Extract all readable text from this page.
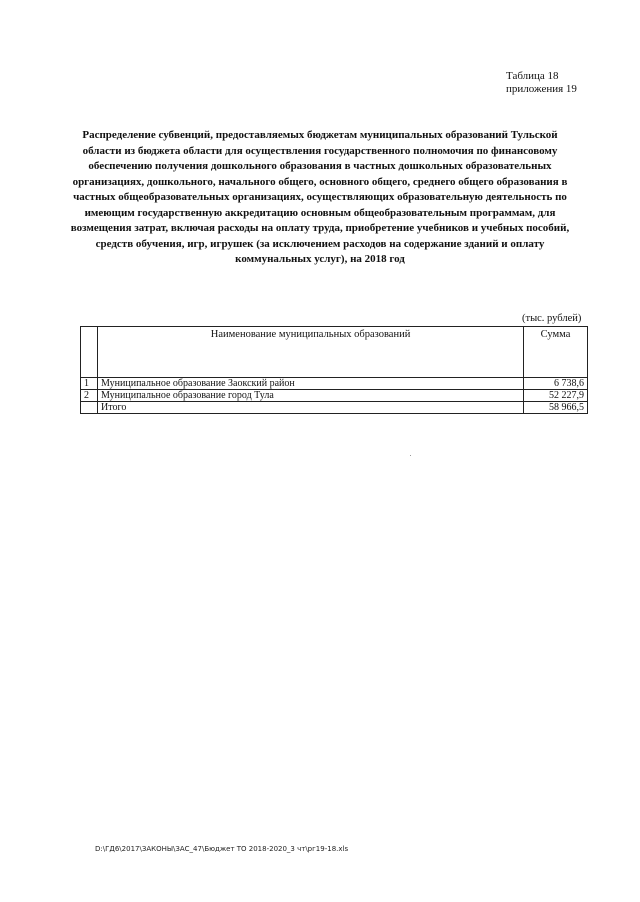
Таблица 18
приложения 19
Распределение субвенций, предоставляемых бюджетам муниципальных образований Тульской области из бюджета области для осуществления государственного полномочия по финансовому обеспечению получения дошкольного образования в частных дошкольных образовательных организациях, дошкольного, начального общего, основного общего, среднего общего образования в частных общеобразовательных организациях, осуществляющих образовательную деятельность по имеющим государственную аккредитацию основным общеобразовательным программам, для возмещения затрат, включая расходы на оплату труда, приобретение учебников и учебных пособий, средств обучения, игр, игрушек (за исключением расходов на содержание зданий и оплату коммунальных услуг), на 2018 год
(тыс. рублей)
	Наименование муниципальных образований	Сумма
1	Муниципальное образование Заокский район	6 738,6
2	Муниципальное образование город Тула	52 227,9
	Итого	58 966,5
D:\ГД6\2017\ЗАКОНЫ\ЗАС_47\Бюджет ТО 2018-2020_3 чт\рг19-18.xls
